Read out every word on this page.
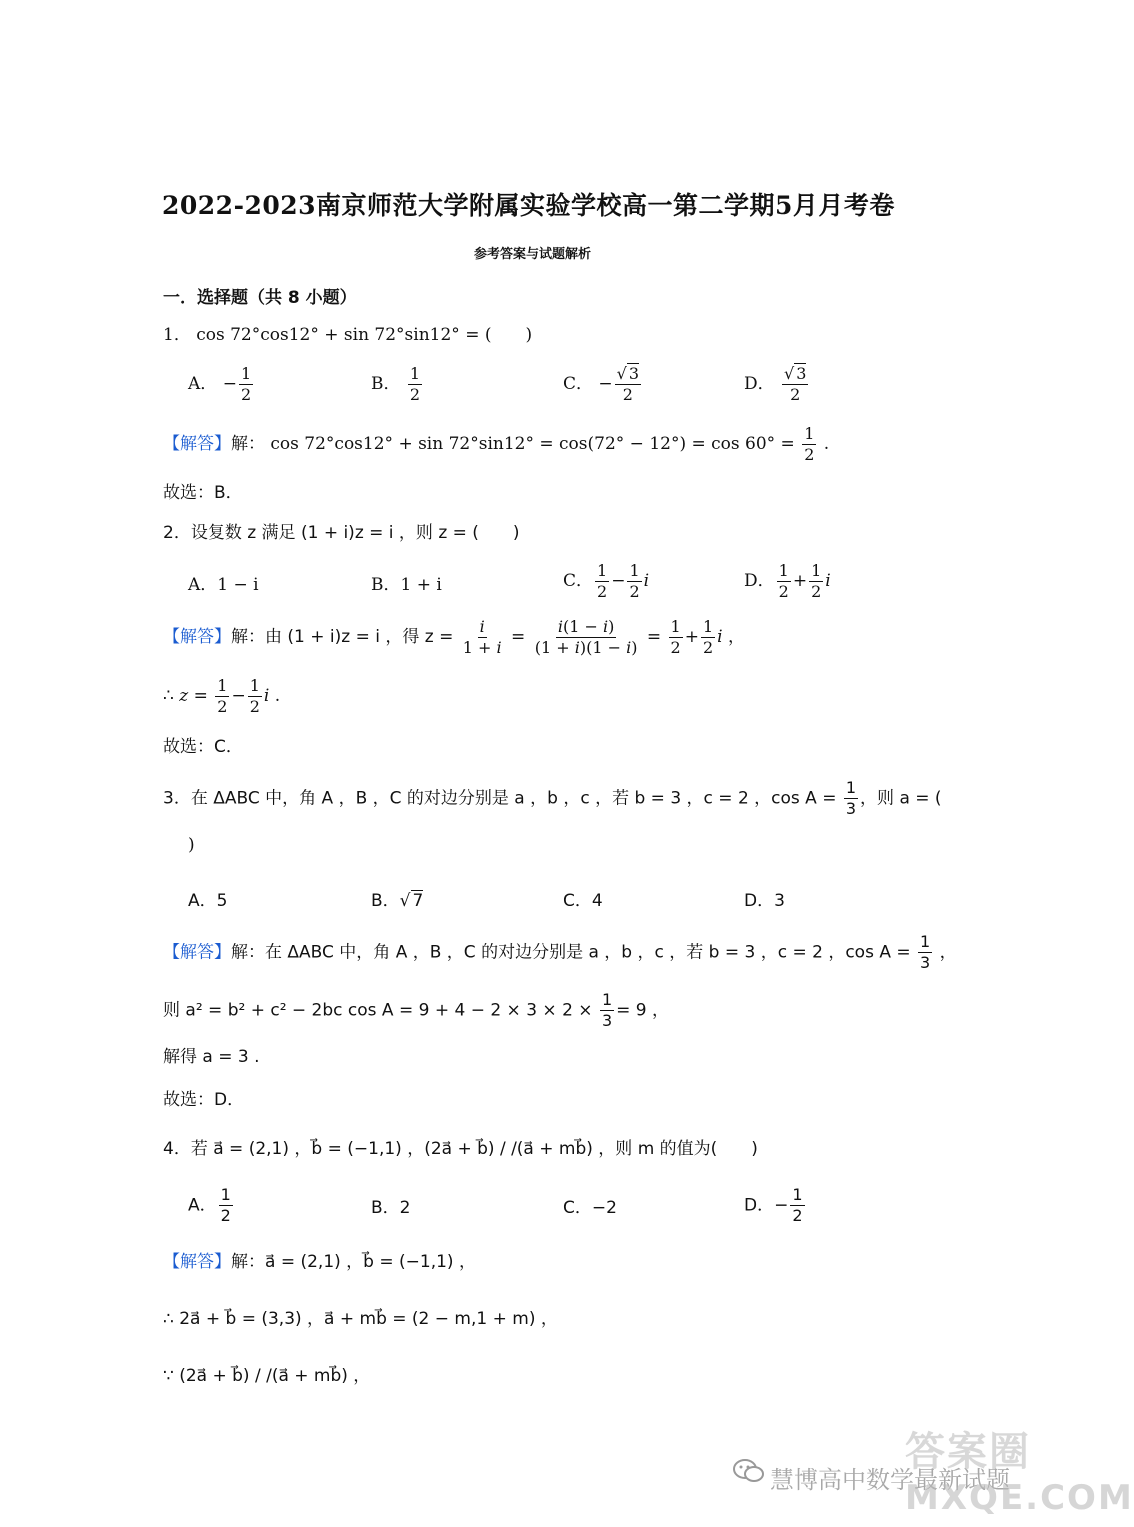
2022-2023南京师范大学附属实验学校高一第二学期5月月考卷
参考答案与试题解析
一．选择题（共 8 小题）
1． cos 72°cos12° + sin 72°sin12° = (　　)
A． − $\frac{1}{2}$	B． $\frac{1}{2}$	C． − $\frac{√ 3}{2}$	D． $\frac{√ 3}{2}$
【解答】解： $\cos 72^\circ\cos 12^\circ + \sin 72^\circ\sin 12^\circ = \cos(72^\circ - 12^\circ) = \cos 60^\circ = \frac{1}{2}$ .
故选：B．
2．设复数 z 满足 (1 + i)z = i ，则 z = (　　)
A．1 − i	B．1 + i	C． $\frac{1}{2} - \frac{1}{2}$ i	D． $\frac{1}{2} + \frac{1}{2}$ i
【解答】解：由 (1 + i)z = i ，得 $z = \frac{i}{1 + i} = \frac{i(1 - i)}{(1 + i)(1 - i)} = \frac{1}{2} + \frac{1}{2}$ i ，
∴ $z = \frac{1}{2} - \frac{1}{2}$ i .
故选：C．
3．在 ΔABC 中，角 A ，B ，C 的对边分别是 a ，b ，c ，若 b = 3 ，c = 2 ，$\cos A = \frac{1}{3}$ ，则 a = (
)
A．5	B．√ 7	C．4	D．3
【解答】解：在 ΔABC 中，角 A ，B ，C 的对边分别是 a ，b ，c ，若 b = 3 ，c = 2 ，$\cos A = \frac{1}{3}$ ，
则 a² = b² + c² − 2bc $\cos A = 9 + 4 - 2 \times 3 \times 2 \times \frac{1}{3} = 9$ ，
解得 a = 3 .
故选：D．
4．若 a⃗ = (2,1) ，b⃗ = (−1,1) ，(2a⃗ + b⃗) / /(a⃗ + mb⃗) ，则 m 的值为(　　)
A． $\frac{1}{2}$	B．2	C．−2	D．− $\frac{1}{2}$
【解答】解：a⃗ = (2,1) ，b⃗ = (−1,1) ，
∴ 2a⃗ + b⃗ = (3,3) ，a⃗ + mb⃗ = (2 − m,1 + m) ，
∵ (2a⃗ + b⃗) / /(a⃗ + mb⃗) ，
慧博高中数学最新试题
答案圈
MXQE.COM
